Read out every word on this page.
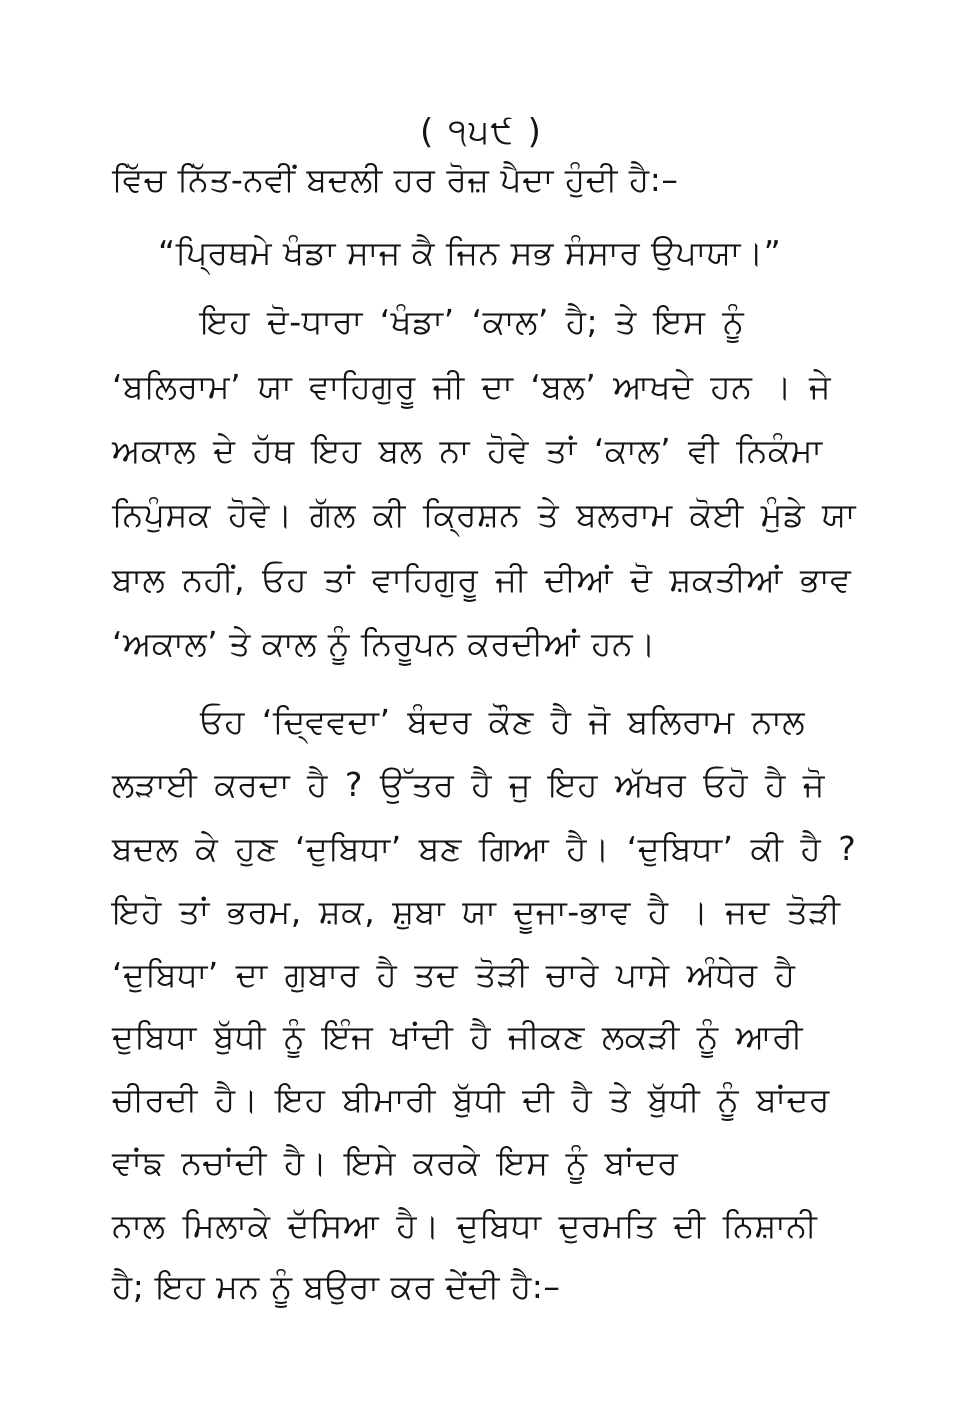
( ੧੫੯ )
ਵਿੱਚ ਨਿੱਤ-ਨਵੀਂ ਬਦਲੀ ਹਰ ਰੋਜ਼ ਪੈਦਾ ਹੁੰਦੀ ਹੈ:–
“ਪ੍ਰਿਥਮੇ ਖੰਡਾ ਸਾਜ ਕੈ ਜਿਨ ਸਭ ਸੰਸਾਰ ਉਪਾਯਾ।”
ਇਹ ਦੋ-ਧਾਰਾ ‘ਖੰਡਾ’ ‘ਕਾਲ’ ਹੈ; ਤੇ ਇਸ ਨੂੰ
‘ਬਲਿਰਾਮ’ ਯਾ ਵਾਹਿਗੁਰੂ ਜੀ ਦਾ ‘ਬਲ’ ਆਖਦੇ ਹਨ । ਜੇ
ਅਕਾਲ ਦੇ ਹੱਥ ਇਹ ਬਲ ਨਾ ਹੋਵੇ ਤਾਂ ‘ਕਾਲ’ ਵੀ ਨਿਕੰਮਾ
ਨਿਪੁੰਸਕ ਹੋਵੇ। ਗੱਲ ਕੀ ਕ੍ਰਿਸ਼ਨ ਤੇ ਬਲਰਾਮ ਕੋਈ ਮੁੰਡੇ ਯਾ
ਬਾਲ ਨਹੀਂ, ਓਹ ਤਾਂ ਵਾਹਿਗੁਰੂ ਜੀ ਦੀਆਂ ਦੋ ਸ਼ਕਤੀਆਂ ਭਾਵ
‘ਅਕਾਲ’ ਤੇ ਕਾਲ ਨੂੰ ਨਿਰੂਪਨ ਕਰਦੀਆਂ ਹਨ।
ਓਹ ‘ਦ੍ਵਿਵਦਾ’ ਬੰਦਰ ਕੌਣ ਹੈ ਜੋ ਬਲਿਰਾਮ ਨਾਲ
ਲੜਾਈ ਕਰਦਾ ਹੈ ? ਉੱਤਰ ਹੈ ਜੁ ਇਹ ਅੱਖਰ ਓਹੋ ਹੈ ਜੋ
ਬਦਲ ਕੇ ਹੁਣ ‘ਦੁਬਿਧਾ’ ਬਣ ਗਿਆ ਹੈ। ‘ਦੁਬਿਧਾ’ ਕੀ ਹੈ ?
ਇਹੋ ਤਾਂ ਭਰਮ, ਸ਼ਕ, ਸ਼ੁਬਾ ਯਾ ਦੂਜਾ-ਭਾਵ ਹੈ । ਜਦ ਤੋੜੀ
‘ਦੁਬਿਧਾ’ ਦਾ ਗੁਬਾਰ ਹੈ ਤਦ ਤੋੜੀ ਚਾਰੇ ਪਾਸੇ ਅੰਧੇਰ ਹੈ
ਦੁਬਿਧਾ ਬੁੱਧੀ ਨੂੰ ਇੰਜ ਖਾਂਦੀ ਹੈ ਜੀਕਣ ਲਕੜੀ ਨੂੰ ਆਰੀ
ਚੀਰਦੀ ਹੈ। ਇਹ ਬੀਮਾਰੀ ਬੁੱਧੀ ਦੀ ਹੈ ਤੇ ਬੁੱਧੀ ਨੂੰ ਬਾਂਦਰ
ਵਾਂਙ ਨਚਾਂਦੀ ਹੈ। ਇਸੇ ਕਰਕੇ ਇਸ ਨੂੰ ਬਾਂਦਰ
ਨਾਲ ਮਿਲਾਕੇ ਦੱਸਿਆ ਹੈ। ਦੁਬਿਧਾ ਦੁਰਮਤਿ ਦੀ ਨਿਸ਼ਾਨੀ
ਹੈ; ਇਹ ਮਨ ਨੂੰ ਬਉਰਾ ਕਰ ਦੇਂਦੀ ਹੈ:–
